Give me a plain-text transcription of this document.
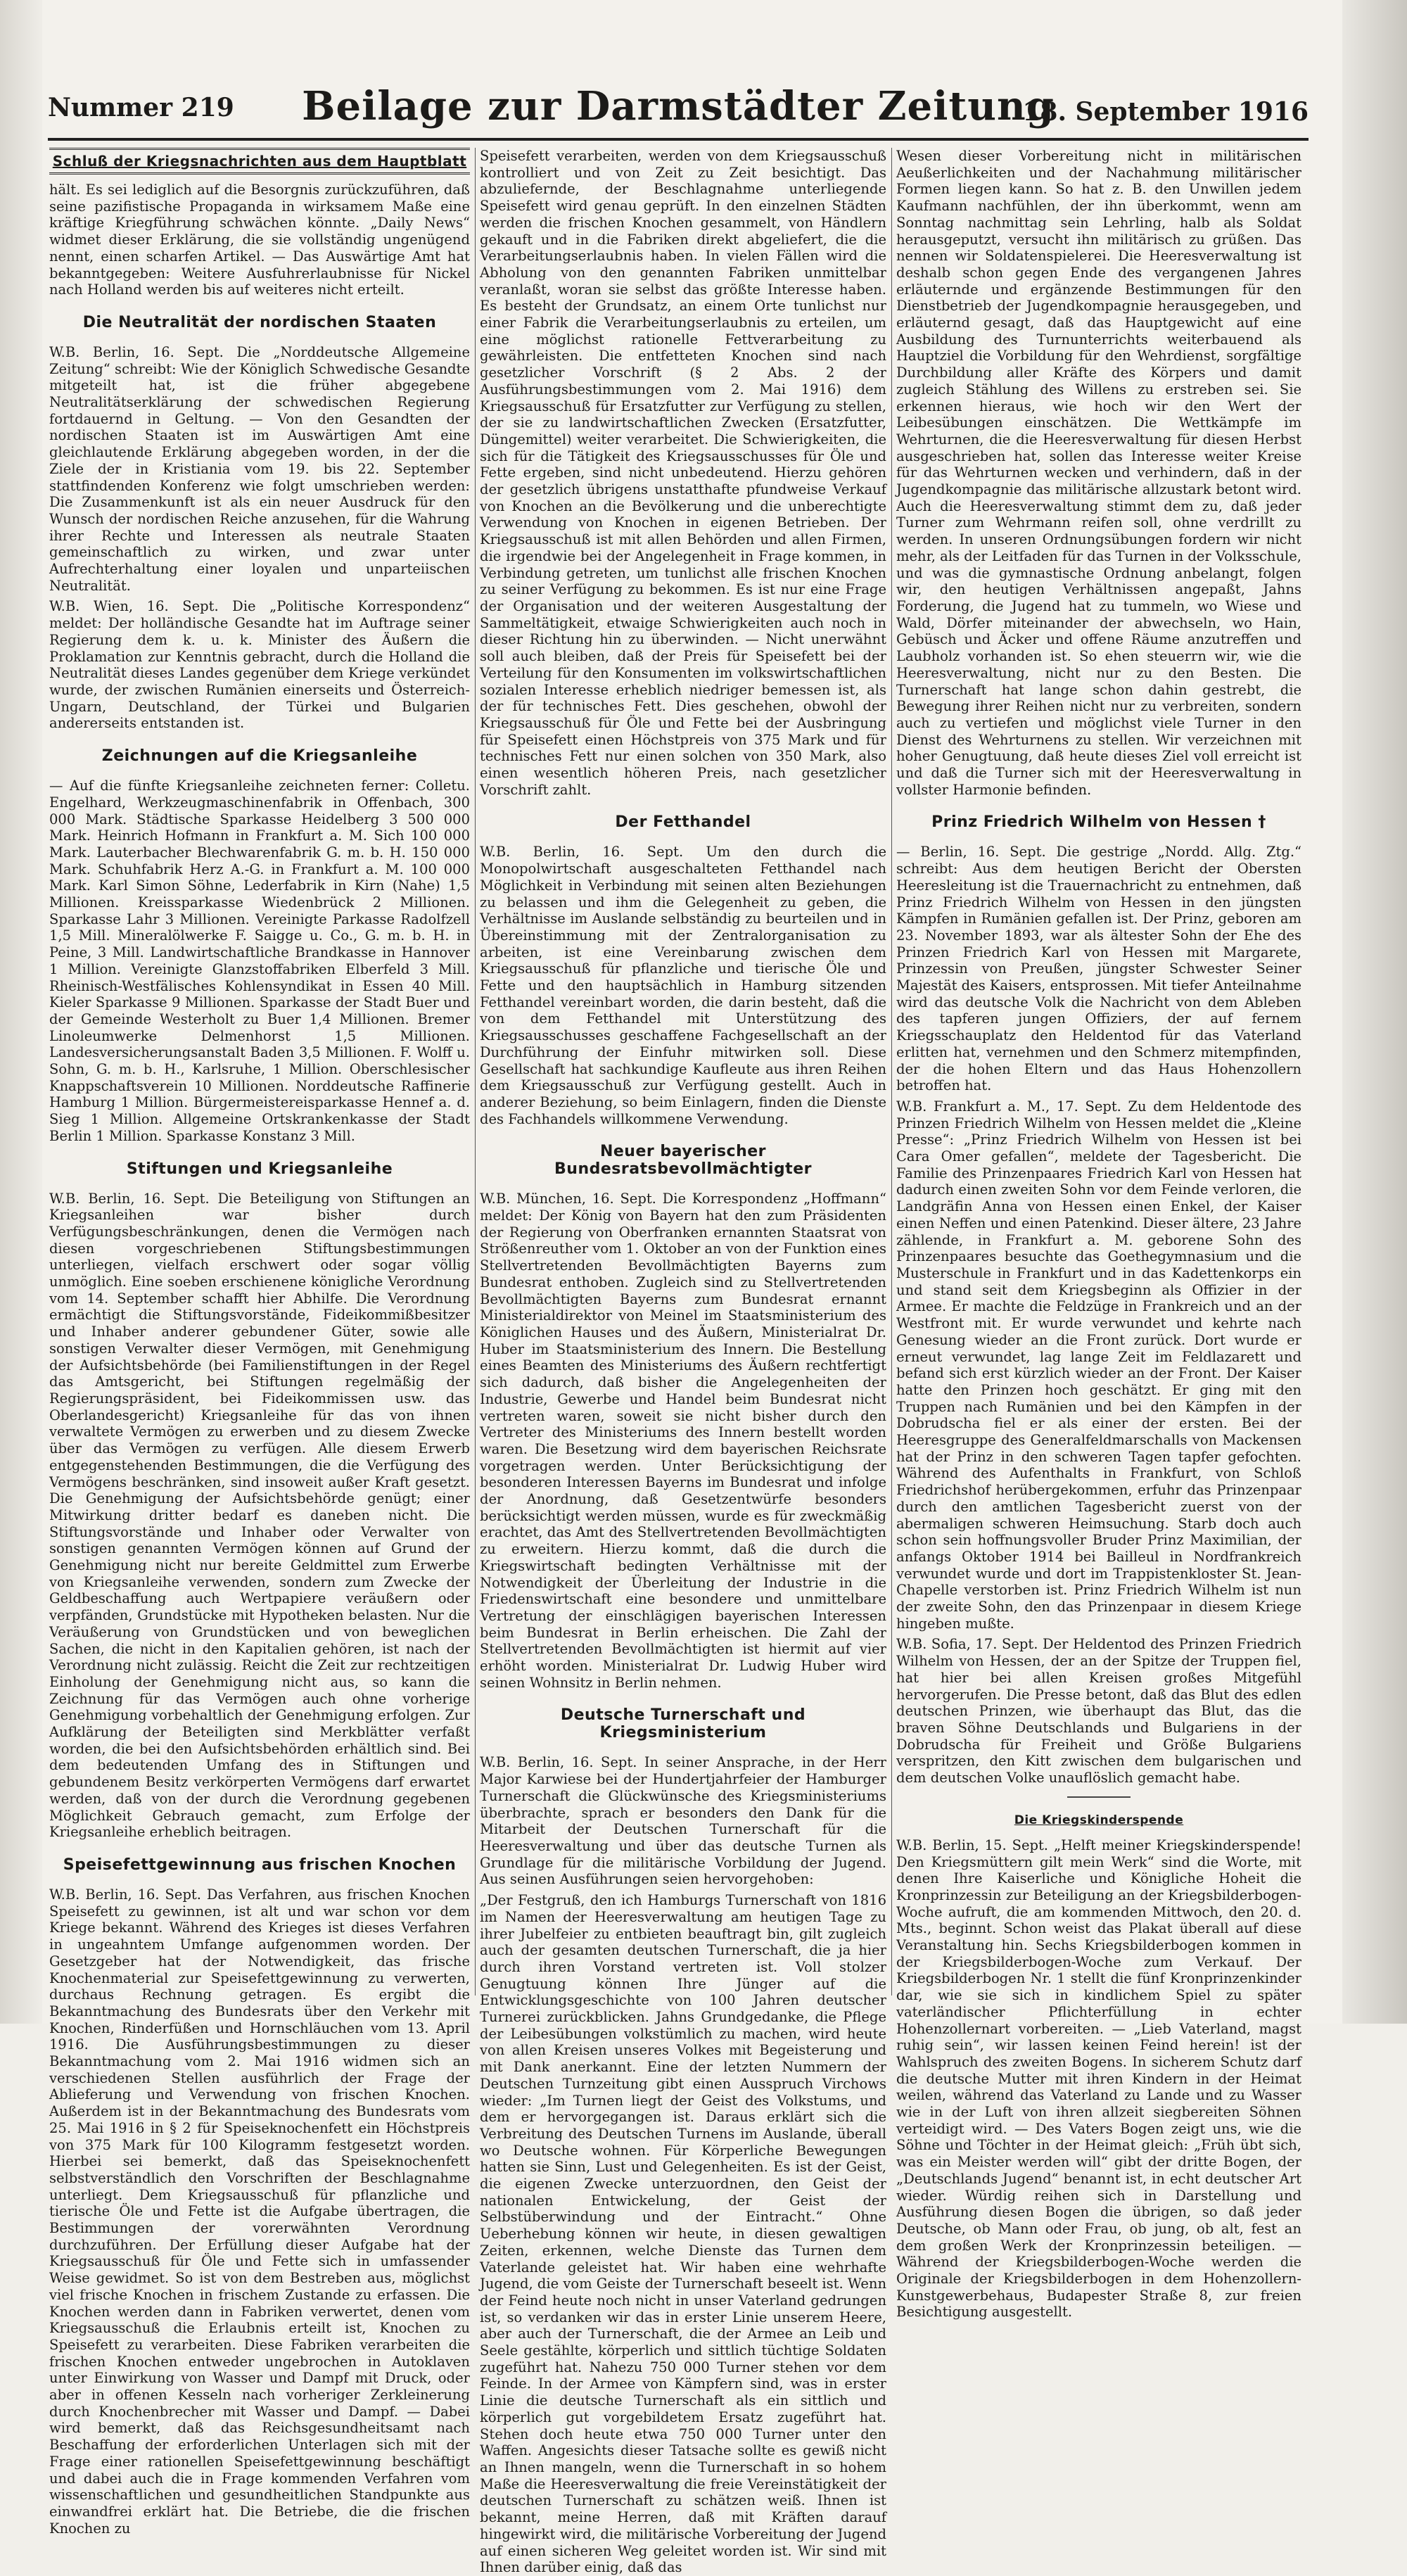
Nummer 219	Beilage zur Darmstädter Zeitung
18. September 1916
Schluß der Kriegsnachrichten aus dem Hauptblatt

hält. Es sei lediglich auf die Besorgnis zurückzuführen, daß seine pazifistische Propaganda in wirksamem Maße eine kräftige Kriegführung schwächen könnte. „Daily News“ widmet dieser Erklärung, die sie vollständig ungenügend nennt, einen scharfen Artikel. — Das Auswärtige Amt hat bekanntgegeben: Weitere Ausfuhrerlaubnisse für Nickel nach Holland werden bis auf weiteres nicht erteilt.

Die Neutralität der nordischen Staaten

W.B. Berlin, 16. Sept. Die „Norddeutsche Allgemeine Zeitung“ schreibt: Wie der Königlich Schwedische Gesandte mitgeteilt hat, ist die früher abgegebene Neutralitätserklärung der schwedischen Regierung fortdauernd in Geltung. — Von den Gesandten der nordischen Staaten ist im Auswärtigen Amt eine gleichlautende Erklärung abgegeben worden, in der die Ziele der in Kristiania vom 19. bis 22. September stattfindenden Konferenz wie folgt umschrieben werden: Die Zusammenkunft ist als ein neuer Ausdruck für den Wunsch der nordischen Reiche anzusehen, für die Wahrung ihrer Rechte und Interessen als neutrale Staaten gemeinschaftlich zu wirken, und zwar unter Aufrechterhaltung einer loyalen und unparteiischen Neutralität.

W.B. Wien, 16. Sept. Die „Politische Korrespondenz“ meldet: Der holländische Gesandte hat im Auftrage seiner Regierung dem k. u. k. Minister des Äußern die Proklamation zur Kenntnis gebracht, durch die Holland die Neutralität dieses Landes gegenüber dem Kriege verkündet wurde, der zwischen Rumänien einerseits und Österreich-Ungarn, Deutschland, der Türkei und Bulgarien andererseits entstanden ist.

Zeichnungen auf die Kriegsanleihe

— Auf die fünfte Kriegsanleihe zeichneten ferner: Colletu. Engelhard, Werkzeugmaschinenfabrik in Offenbach, 300 000 Mark. Städtische Sparkasse Heidelberg 3 500 000 Mark. Heinrich Hofmann in Frankfurt a. M. Sich 100 000 Mark. Lauterbacher Blechwarenfabrik G. m. b. H. 150 000 Mark. Schuhfabrik Herz A.-G. in Frankfurt a. M. 100 000 Mark. Karl Simon Söhne, Lederfabrik in Kirn (Nahe) 1,5 Millionen. Kreissparkasse Wiedenbrück 2 Millionen. Sparkasse Lahr 3 Millionen. Vereinigte Parkasse Radolfzell 1,5 Mill. Mineralölwerke F. Saigge u. Co., G. m. b. H. in Peine, 3 Mill. Landwirtschaftliche Brandkasse in Hannover 1 Million. Vereinigte Glanzstoffabriken Elberfeld 3 Mill. Rheinisch-Westfälisches Kohlensyndikat in Essen 40 Mill. Kieler Sparkasse 9 Millionen. Sparkasse der Stadt Buer und der Gemeinde Westerholt zu Buer 1,4 Millionen. Bremer Linoleumwerke Delmenhorst 1,5 Millionen. Landesversicherungsanstalt Baden 3,5 Millionen. F. Wolff u. Sohn, G. m. b. H., Karlsruhe, 1 Million. Oberschlesischer Knappschaftsverein 10 Millionen. Norddeutsche Raffinerie Hamburg 1 Million. Bürgermeistereisparkasse Hennef a. d. Sieg 1 Million. Allgemeine Ortskrankenkasse der Stadt Berlin 1 Million. Sparkasse Konstanz 3 Mill.

Stiftungen und Kriegsanleihe

W.B. Berlin, 16. Sept. Die Beteiligung von Stiftungen an Kriegsanleihen war bisher durch Verfügungsbeschränkungen, denen die Vermögen nach diesen vorgeschriebenen Stiftungsbestimmungen unterliegen, vielfach erschwert oder sogar völlig unmöglich. Eine soeben erschienene königliche Verordnung vom 14. September schafft hier Abhilfe. Die Verordnung ermächtigt die Stiftungsvorstände, Fideikommißbesitzer und Inhaber anderer gebundener Güter, sowie alle sonstigen Verwalter dieser Vermögen, mit Genehmigung der Aufsichtsbehörde (bei Familienstiftungen in der Regel das Amtsgericht, bei Stiftungen regelmäßig der Regierungspräsident, bei Fideikommissen usw. das Oberlandesgericht) Kriegsanleihe für das von ihnen verwaltete Vermögen zu erwerben und zu diesem Zwecke über das Vermögen zu verfügen. Alle diesem Erwerb entgegenstehenden Bestimmungen, die die Verfügung des Vermögens beschränken, sind insoweit außer Kraft gesetzt. Die Genehmigung der Aufsichtsbehörde genügt; einer Mitwirkung dritter bedarf es daneben nicht. Die Stiftungsvorstände und Inhaber oder Verwalter von sonstigen genannten Vermögen können auf Grund der Genehmigung nicht nur bereite Geldmittel zum Erwerbe von Kriegsanleihe verwenden, sondern zum Zwecke der Geldbeschaffung auch Wertpapiere veräußern oder verpfänden, Grundstücke mit Hypotheken belasten. Nur die Veräußerung von Grundstücken und von beweglichen Sachen, die nicht in den Kapitalien gehören, ist nach der Verordnung nicht zulässig. Reicht die Zeit zur rechtzeitigen Einholung der Genehmigung nicht aus, so kann die Zeichnung für das Vermögen auch ohne vorherige Genehmigung vorbehaltlich der Genehmigung erfolgen. Zur Aufklärung der Beteiligten sind Merkblätter verfaßt worden, die bei den Aufsichtsbehörden erhältlich sind. Bei dem bedeutenden Umfang des in Stiftungen und gebundenem Besitz verkörperten Vermögens darf erwartet werden, daß von der durch die Verordnung gegebenen Möglichkeit Gebrauch gemacht, zum Erfolge der Kriegsanleihe erheblich beitragen.

Speisefettgewinnung aus frischen Knochen

W.B. Berlin, 16. Sept. Das Verfahren, aus frischen Knochen Speisefett zu gewinnen, ist alt und war schon vor dem Kriege bekannt. Während des Krieges ist dieses Verfahren in ungeahntem Umfange aufgenommen worden. Der Gesetzgeber hat der Notwendigkeit, das frische Knochenmaterial zur Speisefettgewinnung zu verwerten, durchaus Rechnung getragen. Es ergibt die Bekanntmachung des Bundesrats über den Verkehr mit Knochen, Rinderfüßen und Hornschläuchen vom 13. April 1916. Die Ausführungsbestimmungen zu dieser Bekanntmachung vom 2. Mai 1916 widmen sich an verschiedenen Stellen ausführlich der Frage der Ablieferung und Verwendung von frischen Knochen. Außerdem ist in der Bekanntmachung des Bundesrats vom 25. Mai 1916 in § 2 für Speiseknochenfett ein Höchstpreis von 375 Mark für 100 Kilogramm festgesetzt worden. Hierbei sei bemerkt, daß das Speiseknochenfett selbstverständlich den Vorschriften der Beschlagnahme unterliegt. Dem Kriegsausschuß für pflanzliche und tierische Öle und Fette ist die Aufgabe übertragen, die Bestimmungen der vorerwähnten Verordnung durchzuführen. Der Erfüllung dieser Aufgabe hat der Kriegsausschuß für Öle und Fette sich in umfassender Weise gewidmet. So ist von dem Bestreben aus, möglichst viel frische Knochen in frischem Zustande zu erfassen. Die Knochen werden dann in Fabriken verwertet, denen vom Kriegsausschuß die Erlaubnis erteilt ist, Knochen zu Speisefett zu verarbeiten. Diese Fabriken verarbeiten die frischen Knochen entweder ungebrochen in Autoklaven unter Einwirkung von Wasser und Dampf mit Druck, oder aber in offenen Kesseln nach vorheriger Zerkleinerung durch Knochenbrecher mit Wasser und Dampf. — Dabei wird bemerkt, daß das Reichsgesundheitsamt nach Beschaffung der erforderlichen Unterlagen sich mit der Frage einer rationellen Speisefettgewinnung beschäftigt und dabei auch die in Frage kommenden Verfahren vom wissenschaftlichen und gesundheitlichen Standpunkte aus einwandfrei erklärt hat. Die Betriebe, die die frischen Knochen zu

Speisefett verarbeiten, werden von dem Kriegsausschuß kontrolliert und von Zeit zu Zeit besichtigt. Das abzuliefernde, der Beschlagnahme unterliegende Speisefett wird genau geprüft. In den einzelnen Städten werden die frischen Knochen gesammelt, von Händlern gekauft und in die Fabriken direkt abgeliefert, die die Verarbeitungserlaubnis haben. In vielen Fällen wird die Abholung von den genannten Fabriken unmittelbar veranlaßt, woran sie selbst das größte Interesse haben. Es besteht der Grundsatz, an einem Orte tunlichst nur einer Fabrik die Verarbeitungserlaubnis zu erteilen, um eine möglichst rationelle Fettverarbeitung zu gewährleisten. Die entfetteten Knochen sind nach gesetzlicher Vorschrift (§ 2 Abs. 2 der Ausführungsbestimmungen vom 2. Mai 1916) dem Kriegsausschuß für Ersatzfutter zur Verfügung zu stellen, der sie zu landwirtschaftlichen Zwecken (Ersatzfutter, Düngemittel) weiter verarbeitet. Die Schwierigkeiten, die sich für die Tätigkeit des Kriegsausschusses für Öle und Fette ergeben, sind nicht unbedeutend. Hierzu gehören der gesetzlich übrigens unstatthafte pfundweise Verkauf von Knochen an die Bevölkerung und die unberechtigte Verwendung von Knochen in eigenen Betrieben. Der Kriegsausschuß ist mit allen Behörden und allen Firmen, die irgendwie bei der Angelegenheit in Frage kommen, in Verbindung getreten, um tunlichst alle frischen Knochen zu seiner Verfügung zu bekommen. Es ist nur eine Frage der Organisation und der weiteren Ausgestaltung der Sammeltätigkeit, etwaige Schwierigkeiten auch noch in dieser Richtung hin zu überwinden. — Nicht unerwähnt soll auch bleiben, daß der Preis für Speisefett bei der Verteilung für den Konsumenten im volkswirtschaftlichen sozialen Interesse erheblich niedriger bemessen ist, als der für technisches Fett. Dies geschehen, obwohl der Kriegsausschuß für Öle und Fette bei der Ausbringung für Speisefett einen Höchstpreis von 375 Mark und für technisches Fett nur einen solchen von 350 Mark, also einen wesentlich höheren Preis, nach gesetzlicher Vorschrift zahlt.

Der Fetthandel

W.B. Berlin, 16. Sept. Um den durch die Monopolwirtschaft ausgeschalteten Fetthandel nach Möglichkeit in Verbindung mit seinen alten Beziehungen zu belassen und ihm die Gelegenheit zu geben, die Verhältnisse im Auslande selbständig zu beurteilen und in Übereinstimmung mit der Zentralorganisation zu arbeiten, ist eine Vereinbarung zwischen dem Kriegsausschuß für pflanzliche und tierische Öle und Fette und den hauptsächlich in Hamburg sitzenden Fetthandel vereinbart worden, die darin besteht, daß die von dem Fetthandel mit Unterstützung des Kriegsausschusses geschaffene Fachgesellschaft an der Durchführung der Einfuhr mitwirken soll. Diese Gesellschaft hat sachkundige Kaufleute aus ihren Reihen dem Kriegsausschuß zur Verfügung gestellt. Auch in anderer Beziehung, so beim Einlagern, finden die Dienste des Fachhandels willkommene Verwendung.

Neuer bayerischer Bundesratsbevollmächtigter

W.B. München, 16. Sept. Die Korrespondenz „Hoffmann“ meldet: Der König von Bayern hat den zum Präsidenten der Regierung von Oberfranken ernannten Staatsrat von Strößenreuther vom 1. Oktober an von der Funktion eines Stellvertretenden Bevollmächtigten Bayerns zum Bundesrat enthoben. Zugleich sind zu Stellvertretenden Bevollmächtigten Bayerns zum Bundesrat ernannt Ministerialdirektor von Meinel im Staatsministerium des Königlichen Hauses und des Äußern, Ministerialrat Dr. Huber im Staatsministerium des Innern. Die Bestellung eines Beamten des Ministeriums des Äußern rechtfertigt sich dadurch, daß bisher die Angelegenheiten der Industrie, Gewerbe und Handel beim Bundesrat nicht vertreten waren, soweit sie nicht bisher durch den Vertreter des Ministeriums des Innern bestellt worden waren. Die Besetzung wird dem bayerischen Reichsrate vorgetragen werden. Unter Berücksichtigung der besonderen Interessen Bayerns im Bundesrat und infolge der Anordnung, daß Gesetzentwürfe besonders berücksichtigt werden müssen, wurde es für zweckmäßig erachtet, das Amt des Stellvertretenden Bevollmächtigten zu erweitern. Hierzu kommt, daß die durch die Kriegswirtschaft bedingten Verhältnisse mit der Notwendigkeit der Überleitung der Industrie in die Friedenswirtschaft eine besondere und unmittelbare Vertretung der einschlägigen bayerischen Interessen beim Bundesrat in Berlin erheischen. Die Zahl der Stellvertretenden Bevollmächtigten ist hiermit auf vier erhöht worden. Ministerialrat Dr. Ludwig Huber wird seinen Wohnsitz in Berlin nehmen.

Deutsche Turnerschaft und Kriegsministerium

W.B. Berlin, 16. Sept. In seiner Ansprache, in der Herr Major Karwiese bei der Hundertjahrfeier der Hamburger Turnerschaft die Glückwünsche des Kriegsministeriums überbrachte, sprach er besonders den Dank für die Mitarbeit der Deutschen Turnerschaft für die Heeresverwaltung und über das deutsche Turnen als Grundlage für die militärische Vorbildung der Jugend. Aus seinen Ausführungen seien hervorgehoben:

„Der Festgruß, den ich Hamburgs Turnerschaft von 1816 im Namen der Heeresverwaltung am heutigen Tage zu ihrer Jubelfeier zu entbieten beauftragt bin, gilt zugleich auch der gesamten deutschen Turnerschaft, die ja hier durch ihren Vorstand vertreten ist. Voll stolzer Genugtuung können Ihre Jünger auf die Entwicklungsgeschichte von 100 Jahren deutscher Turnerei zurückblicken. Jahns Grundgedanke, die Pflege der Leibesübungen volkstümlich zu machen, wird heute von allen Kreisen unseres Volkes mit Begeisterung und mit Dank anerkannt. Eine der letzten Nummern der Deutschen Turnzeitung gibt einen Ausspruch Virchows wieder: „Im Turnen liegt der Geist des Volkstums, und dem er hervorgegangen ist. Daraus erklärt sich die Verbreitung des Deutschen Turnens im Auslande, überall wo Deutsche wohnen. Für Körperliche Bewegungen hatten sie Sinn, Lust und Gelegenheiten. Es ist der Geist, die eigenen Zwecke unterzuordnen, den Geist der nationalen Entwickelung, der Geist der Selbstüberwindung und der Eintracht.“ Ohne Ueberhebung können wir heute, in diesen gewaltigen Zeiten, erkennen, welche Dienste das Turnen dem Vaterlande geleistet hat. Wir haben eine wehrhafte Jugend, die vom Geiste der Turnerschaft beseelt ist. Wenn der Feind heute noch nicht in unser Vaterland gedrungen ist, so verdanken wir das in erster Linie unserem Heere, aber auch der Turnerschaft, die der Armee an Leib und Seele gestählte, körperlich und sittlich tüchtige Soldaten zugeführt hat. Nahezu 750 000 Turner stehen vor dem Feinde. In der Armee von Kämpfern sind, was in erster Linie die deutsche Turnerschaft als ein sittlich und körperlich gut vorgebildetem Ersatz zugeführt hat. Stehen doch heute etwa 750 000 Turner unter den Waffen. Angesichts dieser Tatsache sollte es gewiß nicht an Ihnen mangeln, wenn die Turnerschaft in so hohem Maße die Heeresverwaltung die freie Vereinstätigkeit der deutschen Turnerschaft zu schätzen weiß. Ihnen ist bekannt, meine Herren, daß mit Kräften darauf hingewirkt wird, die militärische Vorbereitung der Jugend auf einen sicheren Weg geleitet worden ist. Wir sind mit Ihnen darüber einig, daß das

Wesen dieser Vorbereitung nicht in militärischen Aeußerlichkeiten und der Nachahmung militärischer Formen liegen kann. So hat z. B. den Unwillen jedem Kaufmann nachfühlen, der ihn überkommt, wenn am Sonntag nachmittag sein Lehrling, halb als Soldat herausgeputzt, versucht ihn militärisch zu grüßen. Das nennen wir Soldatenspielerei. Die Heeresverwaltung ist deshalb schon gegen Ende des vergangenen Jahres erläuternde und ergänzende Bestimmungen für den Dienstbetrieb der Jugendkompagnie herausgegeben, und erläuternd gesagt, daß das Hauptgewicht auf eine Ausbildung des Turnunterrichts weiterbauend als Hauptziel die Vorbildung für den Wehrdienst, sorgfältige Durchbildung aller Kräfte des Körpers und damit zugleich Stählung des Willens zu erstreben sei. Sie erkennen hieraus, wie hoch wir den Wert der Leibesübungen einschätzen. Die Wettkämpfe im Wehrturnen, die die Heeresverwaltung für diesen Herbst ausgeschrieben hat, sollen das Interesse weiter Kreise für das Wehrturnen wecken und verhindern, daß in der Jugendkompagnie das militärische allzustark betont wird. Auch die Heeresverwaltung stimmt dem zu, daß jeder Turner zum Wehrmann reifen soll, ohne verdrillt zu werden. In unseren Ordnungsübungen fordern wir nicht mehr, als der Leitfaden für das Turnen in der Volksschule, und was die gymnastische Ordnung anbelangt, folgen wir, den heutigen Verhältnissen angepaßt, Jahns Forderung, die Jugend hat zu tummeln, wo Wiese und Wald, Dörfer miteinander der abwechseln, wo Hain, Gebüsch und Äcker und offene Räume anzutreffen und Laubholz vorhanden ist. So ehen steuerrn wir, wie die Heeresverwaltung, nicht nur zu den Besten. Die Turnerschaft hat lange schon dahin gestrebt, die Bewegung ihrer Reihen nicht nur zu verbreiten, sondern auch zu vertiefen und möglichst viele Turner in den Dienst des Wehrturnens zu stellen. Wir verzeichnen mit hoher Genugtuung, daß heute dieses Ziel voll erreicht ist und daß die Turner sich mit der Heeresverwaltung in vollster Harmonie befinden.

Prinz Friedrich Wilhelm von Hessen †

— Berlin, 16. Sept. Die gestrige „Nordd. Allg. Ztg.“ schreibt: Aus dem heutigen Bericht der Obersten Heeresleitung ist die Trauernachricht zu entnehmen, daß Prinz Friedrich Wilhelm von Hessen in den jüngsten Kämpfen in Rumänien gefallen ist. Der Prinz, geboren am 23. November 1893, war als ältester Sohn der Ehe des Prinzen Friedrich Karl von Hessen mit Margarete, Prinzessin von Preußen, jüngster Schwester Seiner Majestät des Kaisers, entsprossen. Mit tiefer Anteilnahme wird das deutsche Volk die Nachricht von dem Ableben des tapferen jungen Offiziers, der auf fernem Kriegsschauplatz den Heldentod für das Vaterland erlitten hat, vernehmen und den Schmerz mitempfinden, der die hohen Eltern und das Haus Hohenzollern betroffen hat.

W.B. Frankfurt a. M., 17. Sept. Zu dem Heldentode des Prinzen Friedrich Wilhelm von Hessen meldet die „Kleine Presse“: „Prinz Friedrich Wilhelm von Hessen ist bei Cara Omer gefallen“, meldete der Tagesbericht. Die Familie des Prinzenpaares Friedrich Karl von Hessen hat dadurch einen zweiten Sohn vor dem Feinde verloren, die Landgräfin Anna von Hessen einen Enkel, der Kaiser einen Neffen und einen Patenkind. Dieser ältere, 23 Jahre zählende, in Frankfurt a. M. geborene Sohn des Prinzenpaares besuchte das Goethegymnasium und die Musterschule in Frankfurt und in das Kadettenkorps ein und stand seit dem Kriegsbeginn als Offizier in der Armee. Er machte die Feldzüge in Frankreich und an der Westfront mit. Er wurde verwundet und kehrte nach Genesung wieder an die Front zurück. Dort wurde er erneut verwundet, lag lange Zeit im Feldlazarett und befand sich erst kürzlich wieder an der Front. Der Kaiser hatte den Prinzen hoch geschätzt. Er ging mit den Truppen nach Rumänien und bei den Kämpfen in der Dobrudscha fiel er als einer der ersten. Bei der Heeresgruppe des Generalfeldmarschalls von Mackensen hat der Prinz in den schweren Tagen tapfer gefochten. Während des Aufenthalts in Frankfurt, von Schloß Friedrichshof herübergekommen, erfuhr das Prinzenpaar durch den amtlichen Tagesbericht zuerst von der abermaligen schweren Heimsuchung. Starb doch auch schon sein hoffnungsvoller Bruder Prinz Maximilian, der anfangs Oktober 1914 bei Bailleul in Nordfrankreich verwundet wurde und dort im Trappistenkloster St. Jean-Chapelle verstorben ist. Prinz Friedrich Wilhelm ist nun der zweite Sohn, den das Prinzenpaar in diesem Kriege hingeben mußte.

W.B. Sofia, 17. Sept. Der Heldentod des Prinzen Friedrich Wilhelm von Hessen, der an der Spitze der Truppen fiel, hat hier bei allen Kreisen großes Mitgefühl hervorgerufen. Die Presse betont, daß das Blut des edlen deutschen Prinzen, wie überhaupt das Blut, das die braven Söhne Deutschlands und Bulgariens in der Dobrudscha für Freiheit und Größe Bulgariens verspritzen, den Kitt zwischen dem bulgarischen und dem deutschen Volke unauflöslich gemacht habe.

Die Kriegskinderspende

W.B. Berlin, 15. Sept. „Helft meiner Kriegskinderspende! Den Kriegsmüttern gilt mein Werk“ sind die Worte, mit denen Ihre Kaiserliche und Königliche Hoheit die Kronprinzessin zur Beteiligung an der Kriegsbilderbogen-Woche aufruft, die am kommenden Mittwoch, den 20. d. Mts., beginnt. Schon weist das Plakat überall auf diese Veranstaltung hin. Sechs Kriegsbilderbogen kommen in der Kriegsbilderbogen-Woche zum Verkauf. Der Kriegsbilderbogen Nr. 1 stellt die fünf Kronprinzenkinder dar, wie sie sich in kindlichem Spiel zu später vaterländischer Pflichterfüllung in echter Hohenzollernart vorbereiten. — „Lieb Vaterland, magst ruhig sein“, wir lassen keinen Feind herein! ist der Wahlspruch des zweiten Bogens. In sicherem Schutz darf die deutsche Mutter mit ihren Kindern in der Heimat weilen, während das Vaterland zu Lande und zu Wasser wie in der Luft von ihren allzeit siegbereiten Söhnen verteidigt wird. — Des Vaters Bogen zeigt uns, wie die Söhne und Töchter in der Heimat gleich: „Früh übt sich, was ein Meister werden will“ gibt der dritte Bogen, der „Deutschlands Jugend“ benannt ist, in echt deutscher Art wieder. Würdig reihen sich in Darstellung und Ausführung diesen Bogen die übrigen, so daß jeder Deutsche, ob Mann oder Frau, ob jung, ob alt, fest an dem großen Werk der Kronprinzessin beteiligen. — Während der Kriegsbilderbogen-Woche werden die Originale der Kriegsbilderbogen in dem Hohenzollern-Kunstgewerbehaus, Budapester Straße 8, zur freien Besichtigung ausgestellt.
